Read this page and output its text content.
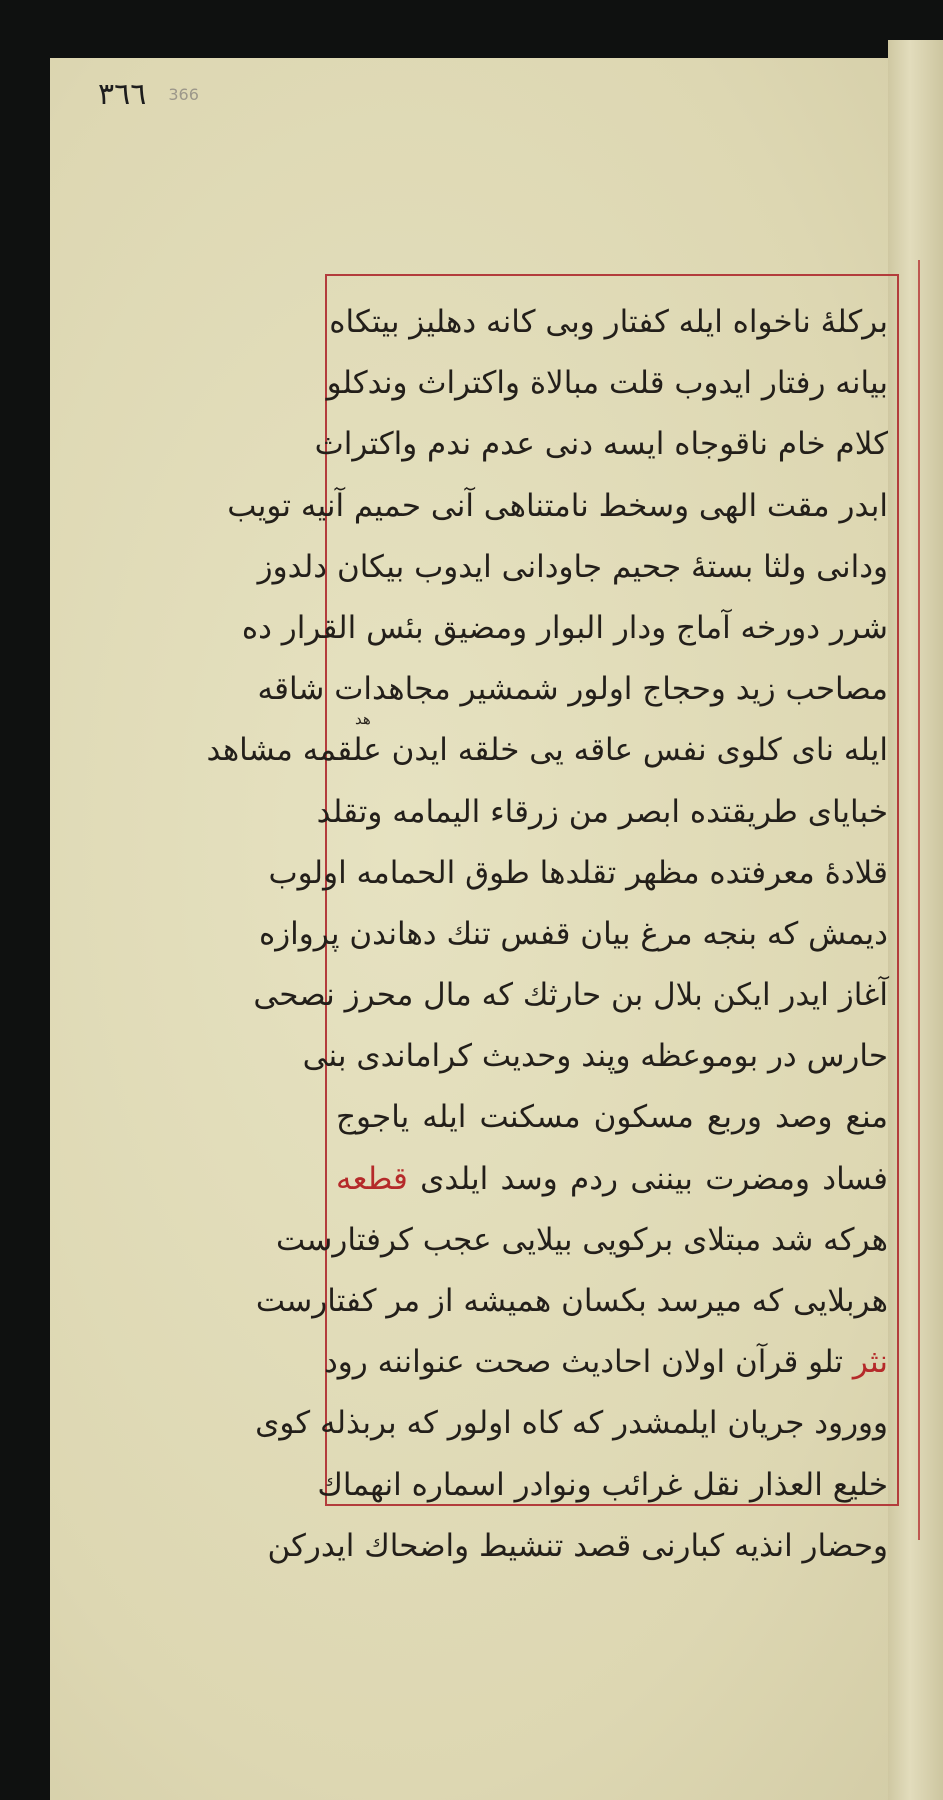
٣٦٦ 366
بركلهٔ ناخواه ایله كفتار وبی كانه دهلیز بیتكاه
بیانه رفتار ایدوب قلت مبالاة واكتراث وندكلو
كلام خام ناقوجاه ایسه دنی عدم ندم واكتراث
ابدر مقت الهی وسخط نامتناهی آنی حمیم آنیه تویب
ودانی ولثا بستهٔ جحیم جاودانی ایدوب بیكان دلدوز
شرر دورخه آماج ودار البوار ومضیق بئس القرار ده
مصاحب زید وحجاج اولور شمشیر مجاهدات شاقه
ایله نای كلوی نفس عاقه یی خلقه ایدن علقمه مشاهد
خبایای طریقتده ابصر من زرقاء الیمامه وتقلد
قلادهٔ معرفتده مظهر تقلدها طوق الحمامه اولوب
دیمش كه بنجه مرغ بیان قفس تنك دهاندن پروازه
آغاز ایدر ایكن بلال بن حارثك كه مال محرز نصحی
حارس در بوموعظه وپند وحدیث كراماندی بنی
منع وصد وربع مسكون مسكنت ایله یاجوج
فساد ومضرت بیننی ردم وسد ایلدی قطعه
هركه شد مبتلای بركویی بیلایی عجب كرفتارست
هربلایی كه میرسد بكسان همیشه از مر كفتارست
نثر تلو قرآن اولان احادیث صحت عنواننه رود
وورود جریان ایلمشدر كه كاه اولور كه بربذله كوی
خلیع العذار نقل غرائب ونوادر اسماره انهماك
وحضار انذیه كبارنی قصد تنشیط واضحاك ایدركن
هد
